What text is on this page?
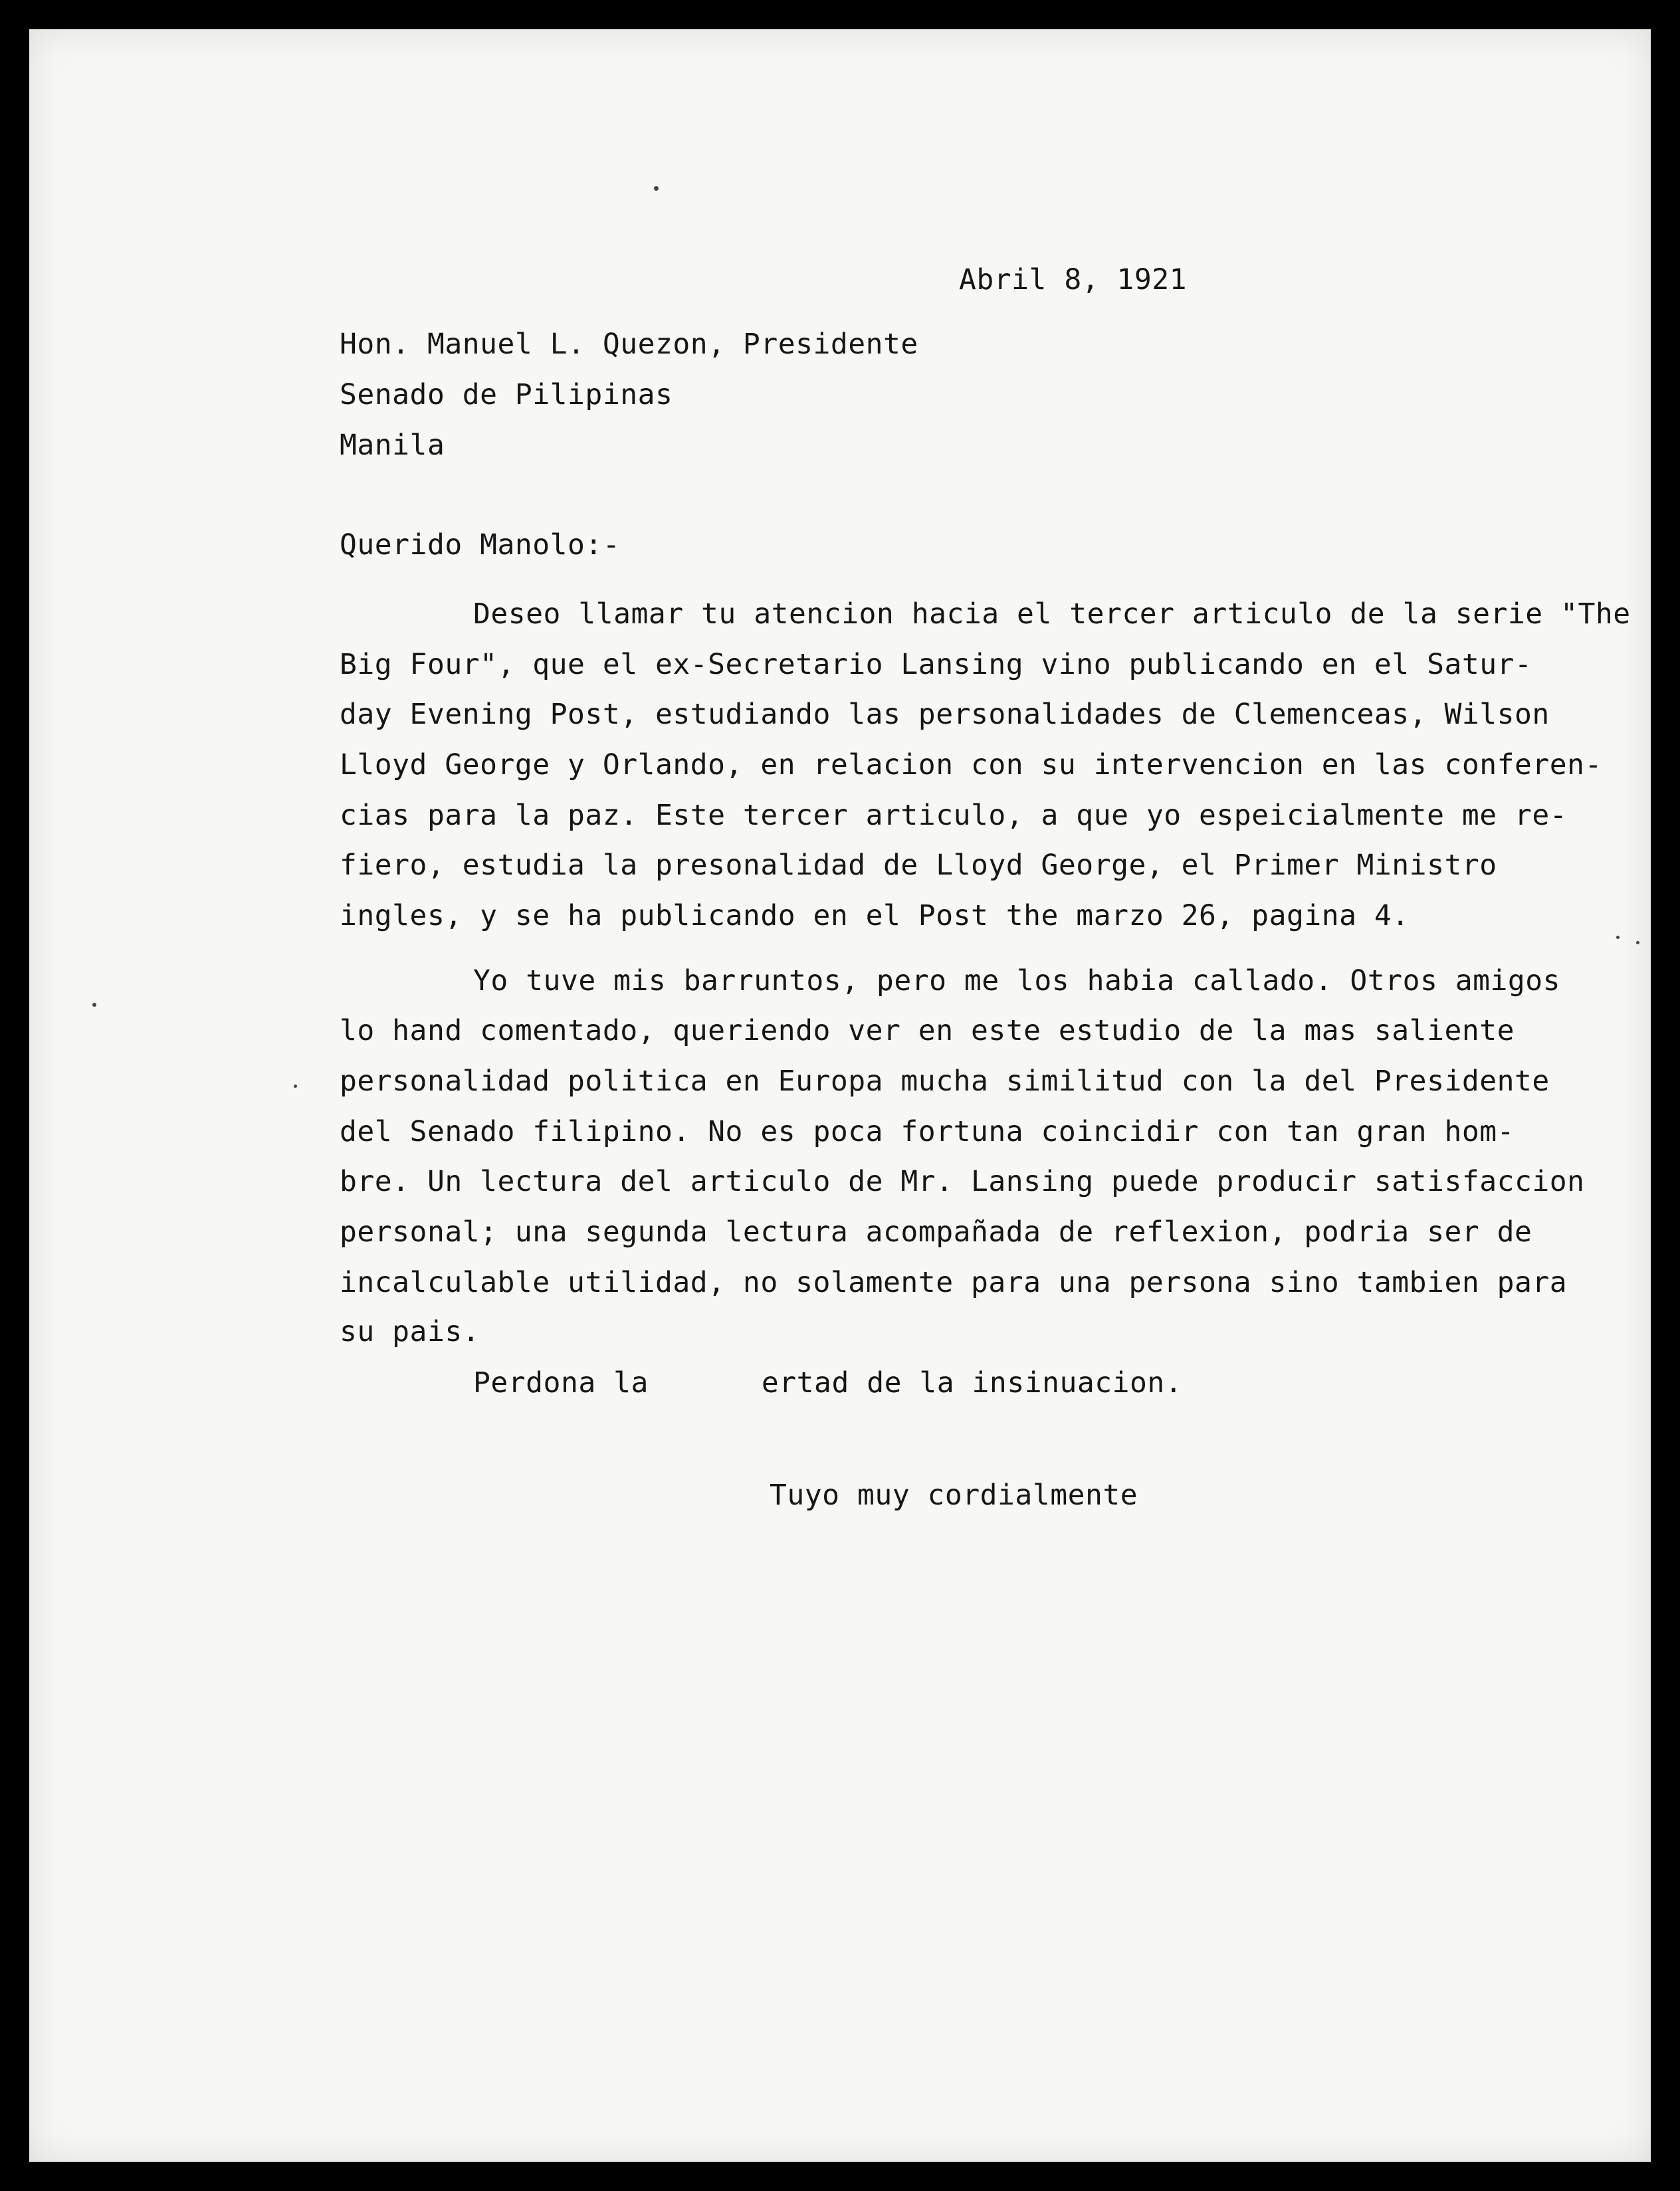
Abril 8, 1921
Hon. Manuel L. Quezon, Presidente
Senado de Pilipinas
Manila
Querido Manolo:-
Deseo llamar tu atencion hacia el tercer articulo de la serie "The
Big Four", que el ex-Secretario Lansing vino publicando en el Satur-
day Evening Post, estudiando las personalidades de Clemenceas, Wilson
Lloyd George y Orlando, en relacion con su intervencion en las conferen-
cias para la paz. Este tercer articulo, a que yo espeicialmente me re-
fiero, estudia la presonalidad de Lloyd George, el Primer Ministro
ingles, y se ha publicando en el Post the marzo 26, pagina 4.
Yo tuve mis barruntos, pero me los habia callado. Otros amigos
lo hand comentado, queriendo ver en este estudio de la mas saliente
personalidad politica en Europa mucha similitud con la del Presidente
del Senado filipino. No es poca fortuna coincidir con tan gran hom-
bre. Un lectura del articulo de Mr. Lansing puede producir satisfaccion
personal; una segunda lectura acompañada de reflexion, podria ser de
incalculable utilidad, no solamente para una persona sino tambien para
su pais.
Perdona la	ertad de la insinuacion.
Tuyo muy cordialmente
